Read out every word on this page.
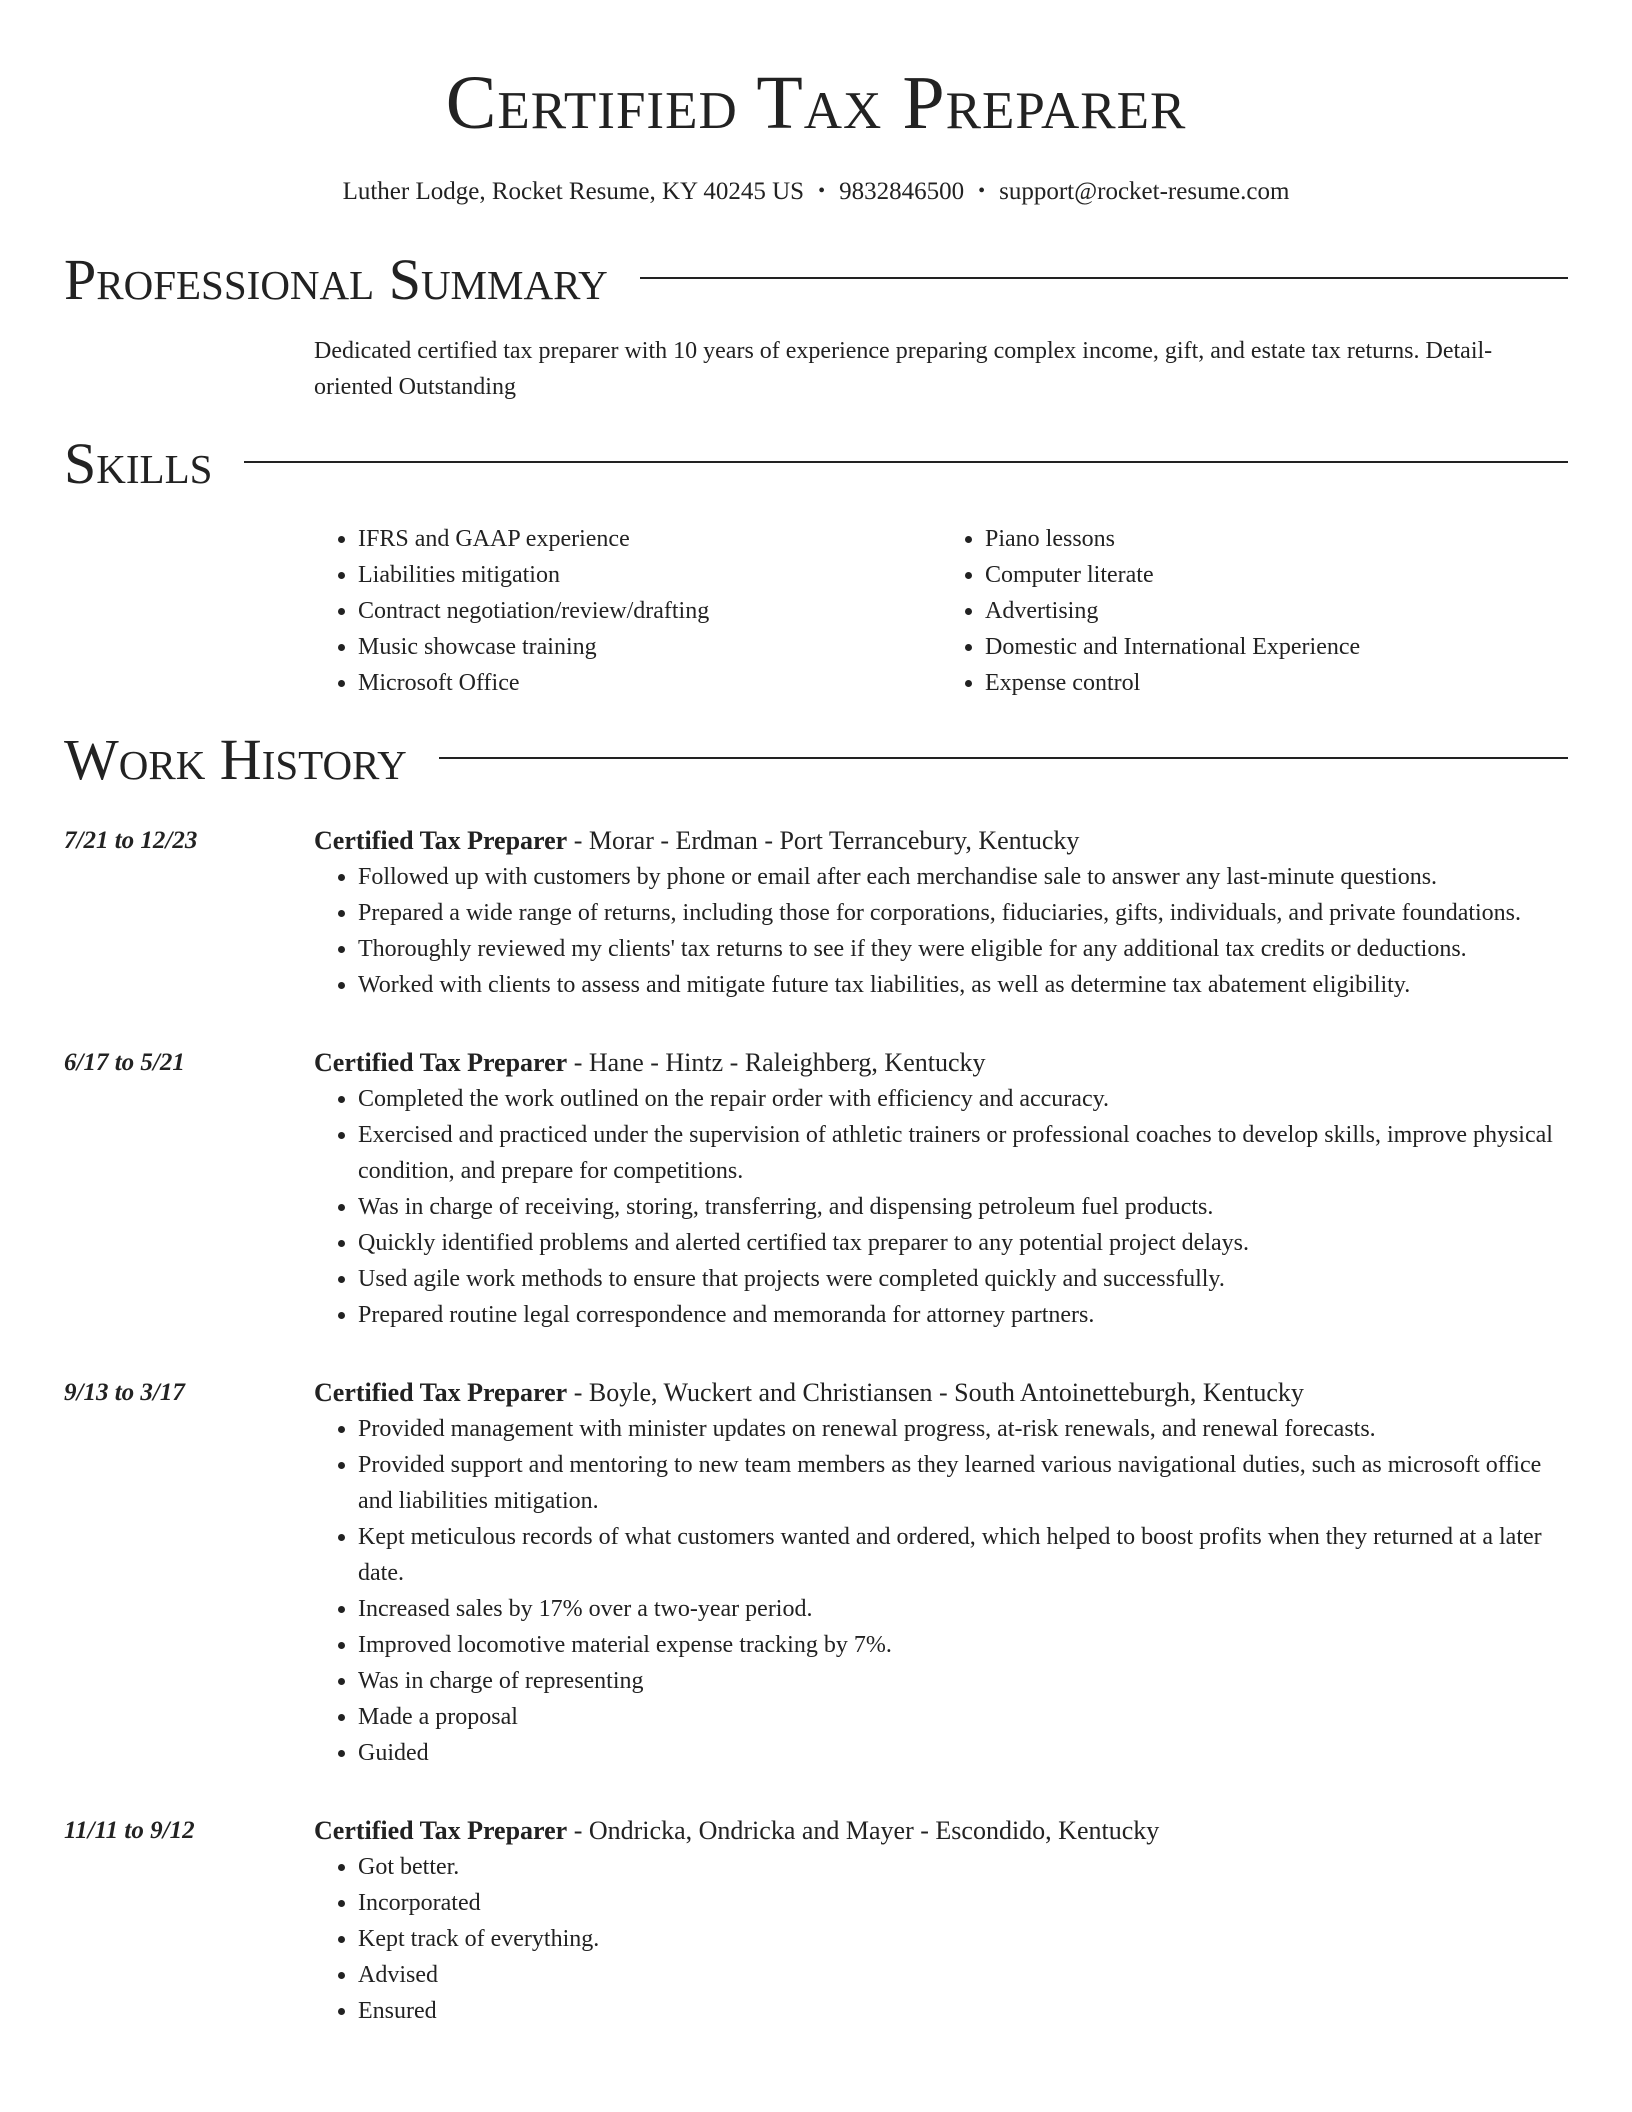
Certified Tax Preparer
Luther Lodge, Rocket Resume, KY 40245 US • 9832846500 • support@rocket-resume.com
Professional Summary
Dedicated certified tax preparer with 10 years of experience preparing complex income, gift, and estate tax returns. Detail-oriented Outstanding
Skills
• IFRS and GAAP experience
• Liabilities mitigation
• Contract negotiation/review/drafting
• Music showcase training
• Microsoft Office
• Piano lessons
• Computer literate
• Advertising
• Domestic and International Experience
• Expense control
Work History
7/21 to 12/23	Certified Tax Preparer - Morar - Erdman - Port Terrancebury, Kentucky
• Followed up with customers by phone or email after each merchandise sale to answer any last-minute questions.
• Prepared a wide range of returns, including those for corporations, fiduciaries, gifts, individuals, and private foundations.
• Thoroughly reviewed my clients' tax returns to see if they were eligible for any additional tax credits or deductions.
• Worked with clients to assess and mitigate future tax liabilities, as well as determine tax abatement eligibility.
6/17 to 5/21	Certified Tax Preparer - Hane - Hintz - Raleighberg, Kentucky
• Completed the work outlined on the repair order with efficiency and accuracy.
• Exercised and practiced under the supervision of athletic trainers or professional coaches to develop skills, improve physical condition, and prepare for competitions.
• Was in charge of receiving, storing, transferring, and dispensing petroleum fuel products.
• Quickly identified problems and alerted certified tax preparer to any potential project delays.
• Used agile work methods to ensure that projects were completed quickly and successfully.
• Prepared routine legal correspondence and memoranda for attorney partners.
9/13 to 3/17	Certified Tax Preparer - Boyle, Wuckert and Christiansen - South Antoinetteburgh, Kentucky
• Provided management with minister updates on renewal progress, at-risk renewals, and renewal forecasts.
• Provided support and mentoring to new team members as they learned various navigational duties, such as microsoft office and liabilities mitigation.
• Kept meticulous records of what customers wanted and ordered, which helped to boost profits when they returned at a later date.
• Increased sales by 17% over a two-year period.
• Improved locomotive material expense tracking by 7%.
• Was in charge of representing
• Made a proposal
• Guided
11/11 to 9/12	Certified Tax Preparer - Ondricka, Ondricka and Mayer - Escondido, Kentucky
• Got better.
• Incorporated
• Kept track of everything.
• Advised
• Ensured
